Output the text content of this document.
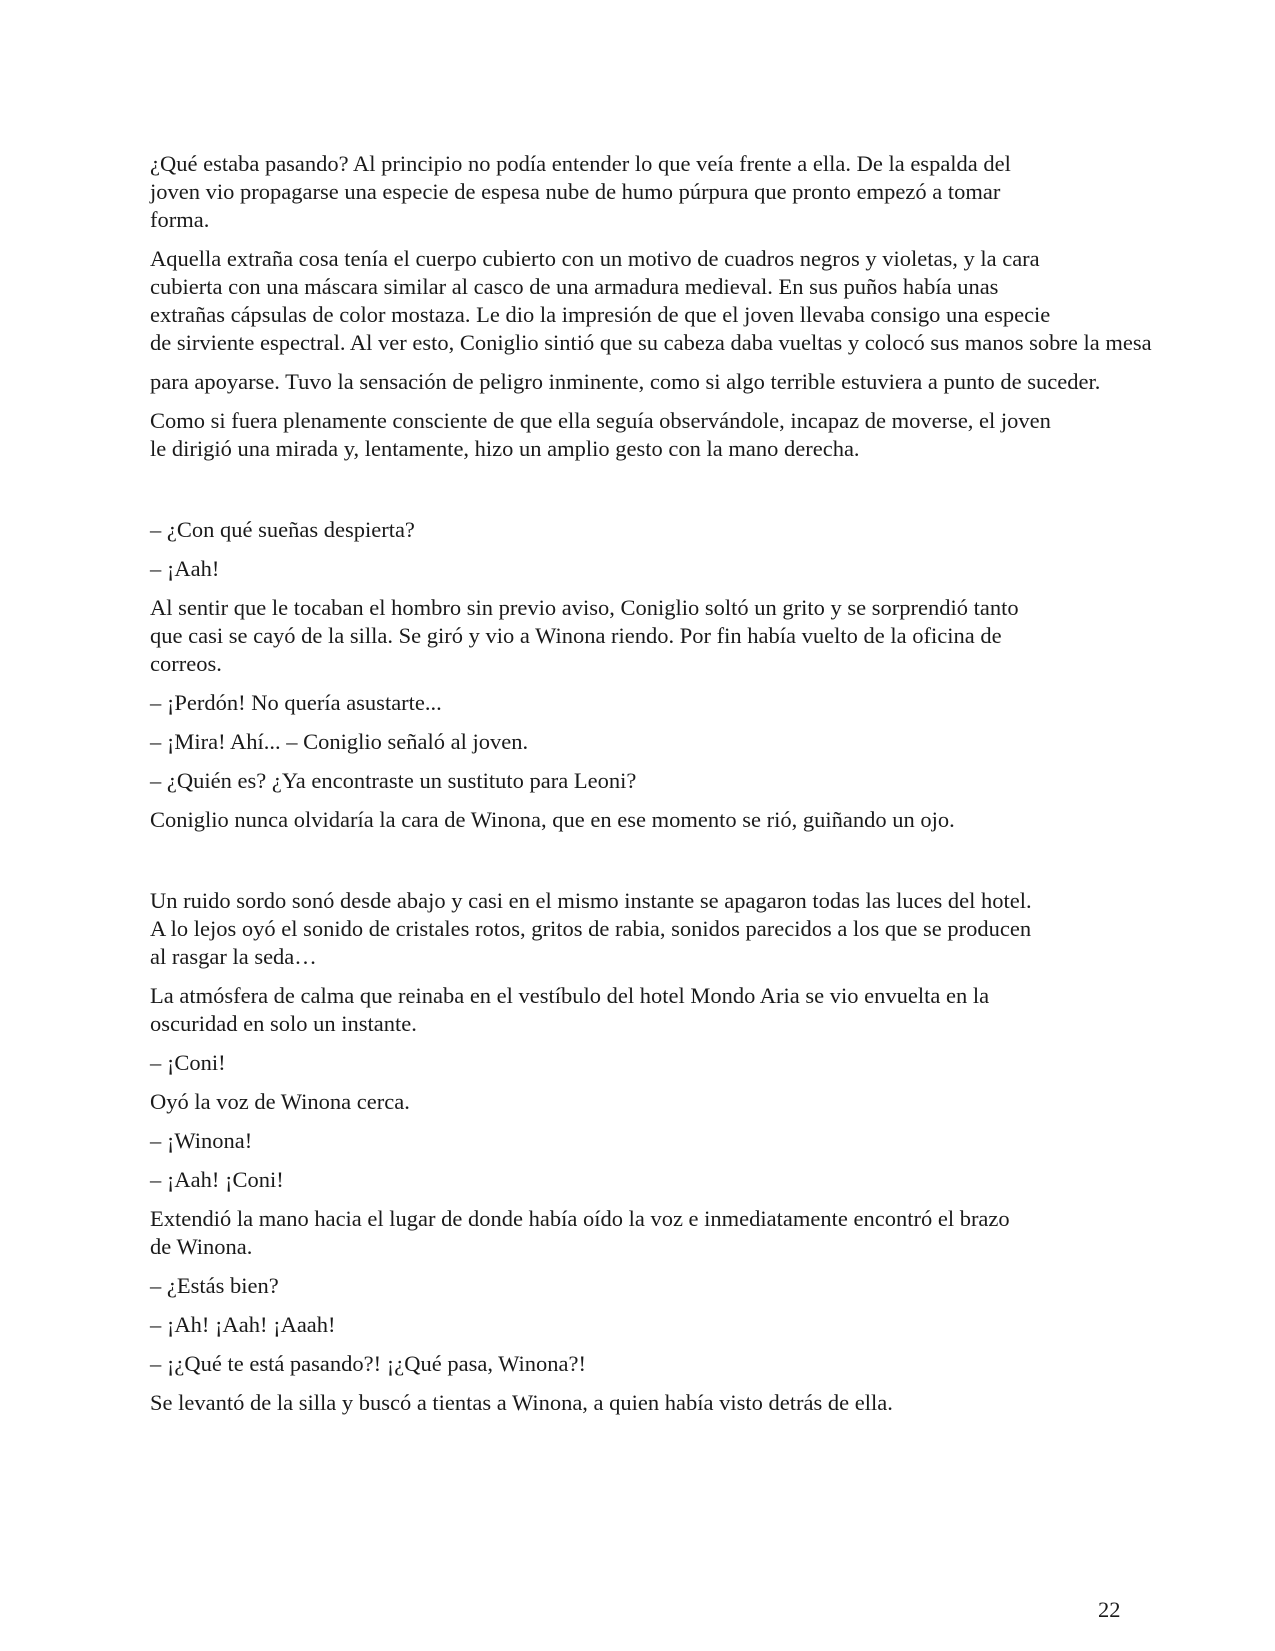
¿Qué estaba pasando? Al principio no podía entender lo que veía frente a ella. De la espalda del
joven vio propagarse una especie de espesa nube de humo púrpura que pronto empezó a tomar
forma.

Aquella extraña cosa tenía el cuerpo cubierto con un motivo de cuadros negros y violetas, y la cara
cubierta con una máscara similar al casco de una armadura medieval. En sus puños había unas
extrañas cápsulas de color mostaza. Le dio la impresión de que el joven llevaba consigo una especie
de sirviente espectral. Al ver esto, Coniglio sintió que su cabeza daba vueltas y colocó sus manos sobre la mesa

para apoyarse. Tuvo la sensación de peligro inminente, como si algo terrible estuviera a punto de suceder.

Como si fuera plenamente consciente de que ella seguía observándole, incapaz de moverse, el joven
le dirigió una mirada y, lentamente, hizo un amplio gesto con la mano derecha.

– ¿Con qué sueñas despierta?

– ¡Aah!

Al sentir que le tocaban el hombro sin previo aviso, Coniglio soltó un grito y se sorprendió tanto
que casi se cayó de la silla. Se giró y vio a Winona riendo. Por fin había vuelto de la oficina de
correos.

– ¡Perdón! No quería asustarte...

– ¡Mira! Ahí... – Coniglio señaló al joven.

– ¿Quién es? ¿Ya encontraste un sustituto para Leoni?

Coniglio nunca olvidaría la cara de Winona, que en ese momento se rió, guiñando un ojo.

Un ruido sordo sonó desde abajo y casi en el mismo instante se apagaron todas las luces del hotel.
A lo lejos oyó el sonido de cristales rotos, gritos de rabia, sonidos parecidos a los que se producen
al rasgar la seda…

La atmósfera de calma que reinaba en el vestíbulo del hotel Mondo Aria se vio envuelta en la
oscuridad en solo un instante.

– ¡Coni!

Oyó la voz de Winona cerca.

– ¡Winona!

– ¡Aah! ¡Coni!

Extendió la mano hacia el lugar de donde había oído la voz e inmediatamente encontró el brazo
de Winona.

– ¿Estás bien?

– ¡Ah! ¡Aah! ¡Aaah!

– ¡¿Qué te está pasando?! ¡¿Qué pasa, Winona?!

Se levantó de la silla y buscó a tientas a Winona, a quien había visto detrás de ella.

22
